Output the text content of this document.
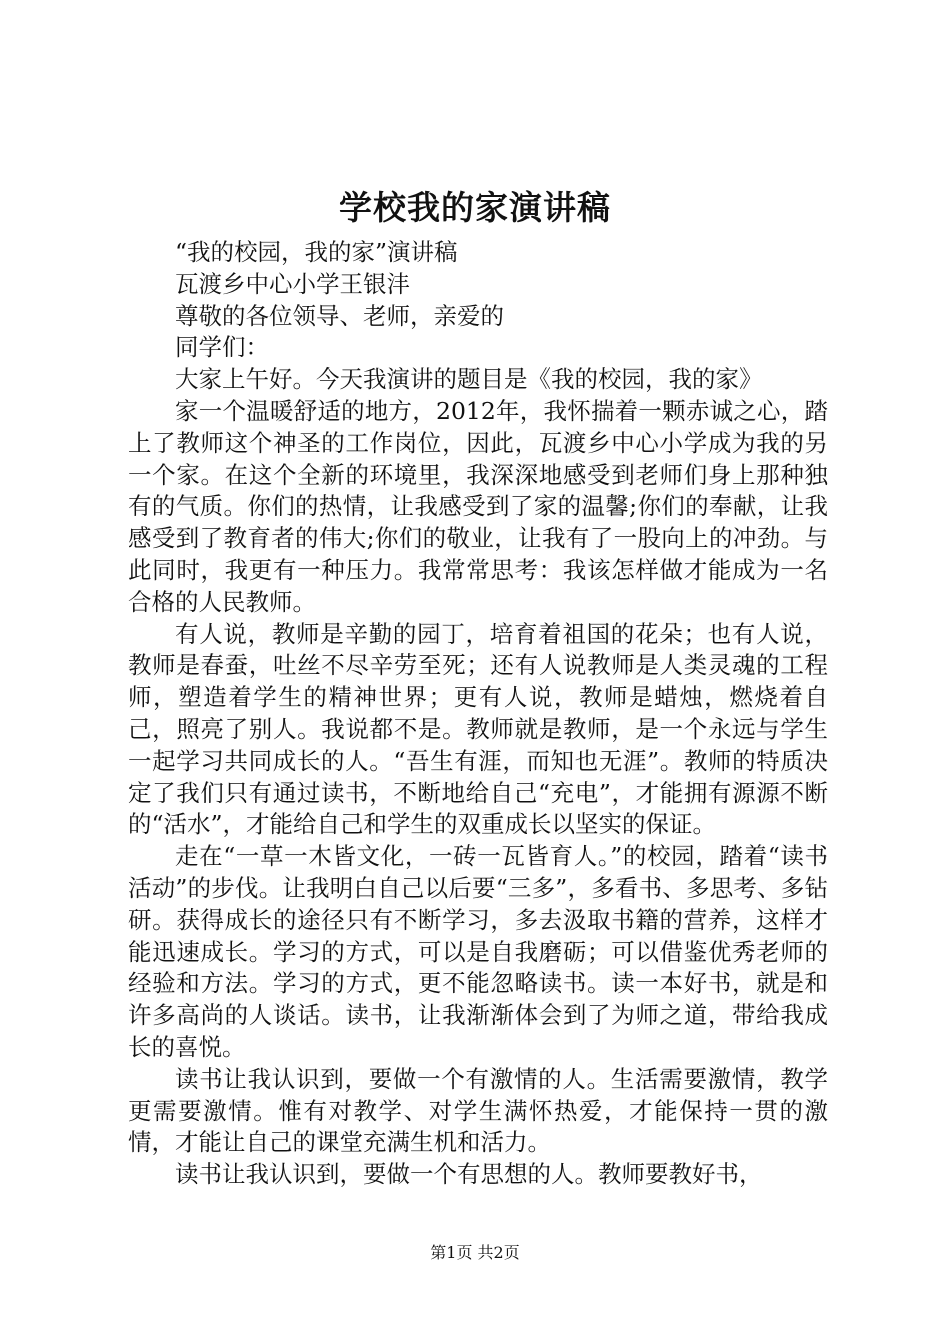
学校我的家演讲稿

“我的校园，我的家”演讲稿

瓦渡乡中心小学王银沣

尊敬的各位领导、老师，亲爱的

同学们：

大家上午好。今天我演讲的题目是《我的校园，我的家》

家一个温暖舒适的地方，2012年，我怀揣着一颗赤诚之心，踏上了教师这个神圣的工作岗位，因此，瓦渡乡中心小学成为我的另一个家。在这个全新的环境里，我深深地感受到老师们身上那种独有的气质。你们的热情，让我感受到了家的温馨;你们的奉献，让我感受到了教育者的伟大;你们的敬业，让我有了一股向上的冲劲。与此同时，我更有一种压力。我常常思考：我该怎样做才能成为一名合格的人民教师。

有人说，教师是辛勤的园丁，培育着祖国的花朵；也有人说，教师是春蚕，吐丝不尽辛劳至死；还有人说教师是人类灵魂的工程师，塑造着学生的精神世界；更有人说，教师是蜡烛，燃烧着自己，照亮了别人。我说都不是。教师就是教师，是一个永远与学生一起学习共同成长的人。“吾生有涯，而知也无涯”。教师的特质决定了我们只有通过读书，不断地给自己“充电”，才能拥有源源不断的“活水”，才能给自己和学生的双重成长以坚实的保证。

走在“一草一木皆文化，一砖一瓦皆育人。”的校园，踏着“读书活动”的步伐。让我明白自己以后要“三多”，多看书、多思考、多钻研。获得成长的途径只有不断学习，多去汲取书籍的营养，这样才能迅速成长。学习的方式，可以是自我磨砺；可以借鉴优秀老师的经验和方法。学习的方式，更不能忽略读书。读一本好书，就是和许多高尚的人谈话。读书，让我渐渐体会到了为师之道，带给我成长的喜悦。

读书让我认识到，要做一个有激情的人。生活需要激情，教学更需要激情。惟有对教学、对学生满怀热爱，才能保持一贯的激情，才能让自己的课堂充满生机和活力。

读书让我认识到，要做一个有思想的人。教师要教好书，

第1页 共2页
